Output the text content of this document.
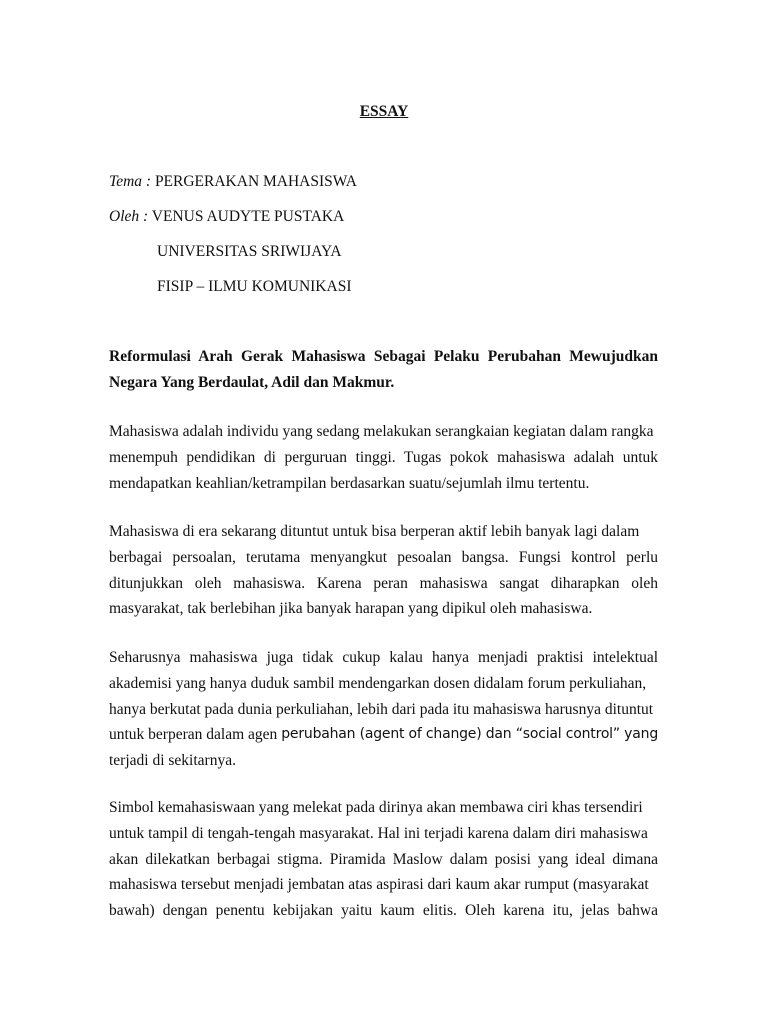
ESSAY
Tema : PERGERAKAN MAHASISWA
Oleh : VENUS AUDYTE PUSTAKA
UNIVERSITAS SRIWIJAYA
FISIP – ILMU KOMUNIKASI
Reformulasi Arah Gerak Mahasiswa Sebagai Pelaku Perubahan Mewujudkan
Negara Yang Berdaulat, Adil dan Makmur.
Mahasiswa adalah individu yang sedang melakukan serangkaian kegiatan dalam rangka
menempuh pendidikan di perguruan tinggi. Tugas pokok mahasiswa adalah untuk
mendapatkan keahlian/ketrampilan berdasarkan suatu/sejumlah ilmu tertentu.
Mahasiswa di era sekarang dituntut untuk bisa berperan aktif lebih banyak lagi dalam
berbagai persoalan, terutama menyangkut pesoalan bangsa. Fungsi kontrol perlu
ditunjukkan oleh mahasiswa. Karena peran mahasiswa sangat diharapkan oleh
masyarakat, tak berlebihan jika banyak harapan yang dipikul oleh mahasiswa.
Seharusnya mahasiswa juga tidak cukup kalau hanya menjadi praktisi intelektual
akademisi yang hanya duduk sambil mendengarkan dosen didalam forum perkuliahan,
hanya berkutat pada dunia perkuliahan, lebih dari pada itu mahasiswa harusnya dituntut
untuk berperan dalam agen perubahan (agent of change) dan “social control” yang
terjadi di sekitarnya.
Simbol kemahasiswaan yang melekat pada dirinya akan membawa ciri khas tersendiri
untuk tampil di tengah-tengah masyarakat. Hal ini terjadi karena dalam diri mahasiswa
akan dilekatkan berbagai stigma. Piramida Maslow dalam posisi yang ideal dimana
mahasiswa tersebut menjadi jembatan atas aspirasi dari kaum akar rumput (masyarakat
bawah) dengan penentu kebijakan yaitu kaum elitis. Oleh karena itu, jelas bahwa
